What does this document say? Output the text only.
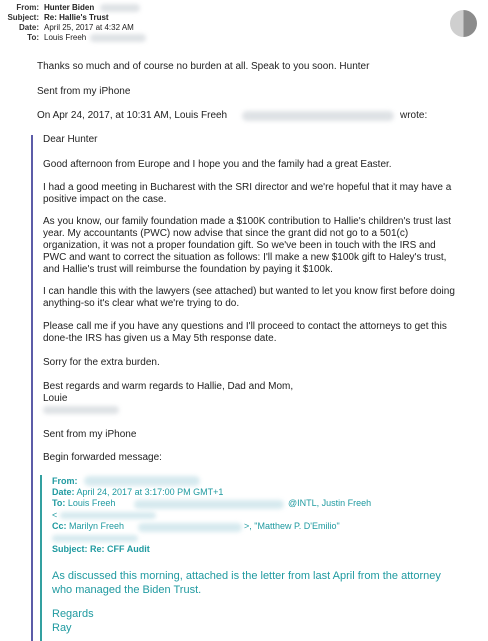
From: Hunter Biden
Subject: Re: Hallie's Trust
Date: April 25, 2017 at 4:32 AM
To: Louis Freeh
Thanks so much and of course no burden at all. Speak to you soon. Hunter
Sent from my iPhone
On Apr 24, 2017, at 10:31 AM, Louis Freeh	wrote:
Dear Hunter
Good afternoon from Europe and I hope you and the family had a great Easter.
I had a good meeting in Bucharest with the SRI director and we're hopeful that it may have a
positive impact on the case.
As you know, our family foundation made a $100K contribution to Hallie's children's trust last
year. My accountants (PWC) now advise that since the grant did not go to a 501(c)
organization, it was not a proper foundation gift. So we've been in touch with the IRS and
PWC and want to correct the situation as follows: I'll make a new $100k gift to Haley's trust,
and Hallie's trust will reimburse the foundation by paying it $100k.
I can handle this with the lawyers (see attached) but wanted to let you know first before doing
anything-so it's clear what we're trying to do.
Please call me if you have any questions and I'll proceed to contact the attorneys to get this
done-the IRS has given us a May 5th response date.
Sorry for the extra burden.
Best regards and warm regards to Hallie, Dad and Mom,
Louie
Sent from my iPhone
Begin forwarded message:
From:
Date: April 24, 2017 at 3:17:00 PM GMT+1
To: Louis Freeh	@INTL, Justin Freeh
<
Cc: Marilyn Freeh	>, "Matthew P. D'Emilio"
Subject: Re: CFF Audit
As discussed this morning, attached is the letter from last April from the attorney
who managed the Biden Trust.
Regards
Ray
